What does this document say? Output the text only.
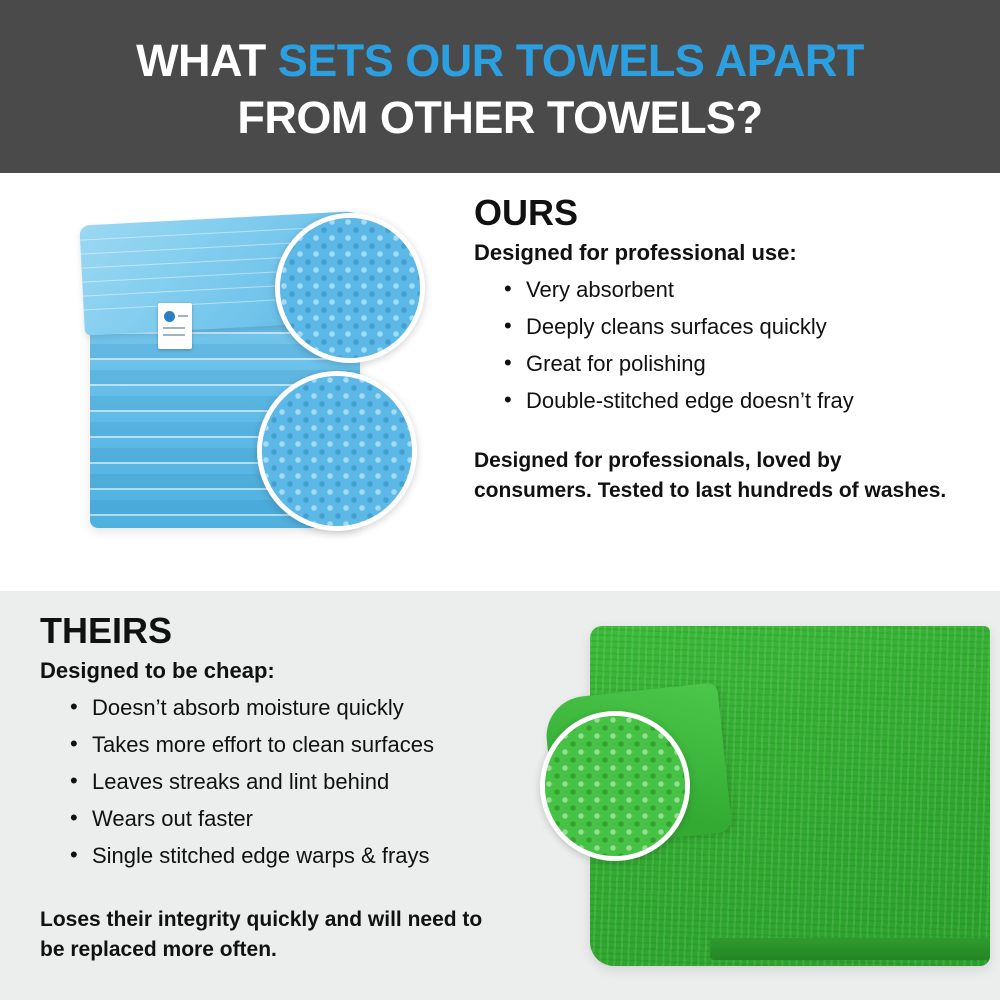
WHAT SETS OUR TOWELS APART
FROM OTHER TOWELS?
OURS
Designed for professional use:
• Very absorbent
• Deeply cleans surfaces quickly
• Great for polishing
• Double-stitched edge doesn’t fray
Designed for professionals, loved by consumers. Tested to last hundreds of washes.
THEIRS
Designed to be cheap:
• Doesn’t absorb moisture quickly
• Takes more effort to clean surfaces
• Leaves streaks and lint behind
• Wears out faster
• Single stitched edge warps & frays
Loses their integrity quickly and will need to be replaced more often.
